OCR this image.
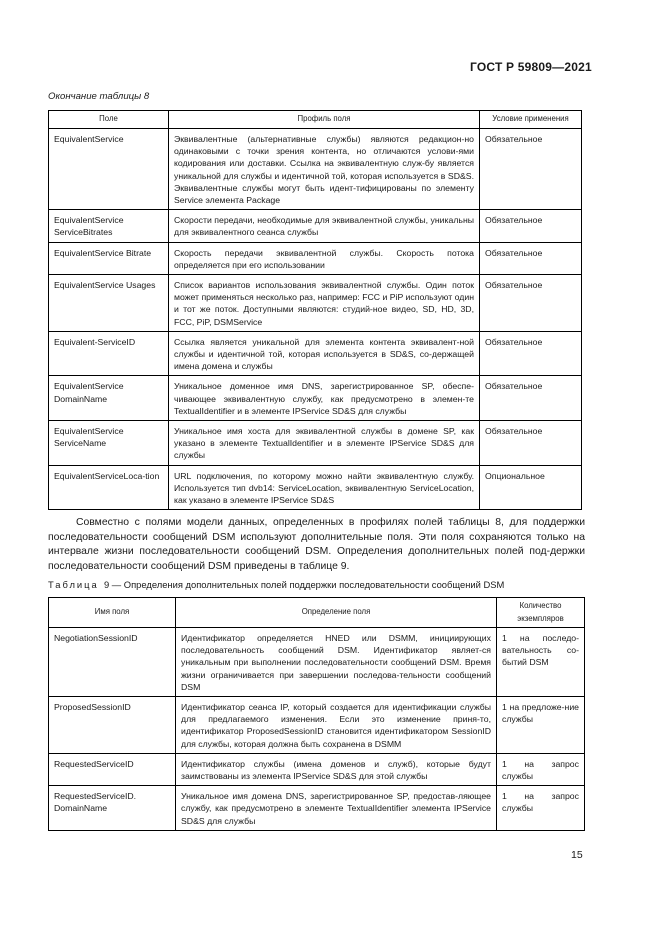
ГОСТ Р 59809—2021
Окончание таблицы 8
Поле	Профиль поля	Условие применения
EquivalentService	Эквивалентные (альтернативные службы) являются редакцион-но одинаковыми с точки зрения контента, но отличаются услови-ями кодирования или доставки. Ссылка на эквивалентную служ-бу является уникальной для службы и идентичной той, которая используется в SD&S. Эквивалентные службы могут быть идент-тифицированы по элементу Service элемента Package	Обязательное
EquivalentService ServiceBitrates	Скорости передачи, необходимые для эквивалентной службы, уникальны для эквивалентного сеанса службы	Обязательное
EquivalentService Bitrate	Скорость передачи эквивалентной службы. Скорость потока определяется при его использовании	Обязательное
EquivalentService Usages	Список вариантов использования эквивалентной службы. Один поток может применяться несколько раз, например: FCC и PiP используют один и тот же поток. Доступными являются: студий-ное видео, SD, HD, 3D, FCC, PiP, DSMService	Обязательное
Equivalent-ServiceID	Ссылка является уникальной для элемента контента эквивалент-ной службы и идентичной той, которая используется в SD&S, со-держащей имена домена и службы	Обязательное
EquivalentService DomainName	Уникальное доменное имя DNS, зарегистрированное SP, обеспе-чивающее эквивалентную службу, как предусмотрено в элемен-те TextualIdentifier и в элементе IPService SD&S для службы	Обязательное
EquivalentService ServiceName	Уникальное имя хоста для эквивалентной службы в домене SP, как указано в элементе TextualIdentifier и в элементе IPService SD&S для службы	Обязательное
EquivalentServiceLoca-tion	URL подключения, по которому можно найти эквивалентную службу. Используется тип dvb14: ServiceLocation, эквивалентную ServiceLocation, как указано в элементе IPService SD&S	Опциональное
Совместно с полями модели данных, определенных в профилях полей таблицы 8, для поддержки последовательности сообщений DSM используют дополнительные поля. Эти поля сохраняются только на интервале жизни последовательности сообщений DSM. Определения дополнительных полей под-держки последовательности сообщений DSM приведены в таблице 9.
Таблица 9 — Определения дополнительных полей поддержки последовательности сообщений DSM
Имя поля	Определение поля	Количество экземпляров
NegotiationSessionID	Идентификатор определяется HNED или DSMM, инициирующих последовательность сообщений DSM. Идентификатор являет-ся уникальным при выполнении последовательности сообщений DSM. Время жизни ограничивается при завершении последова-тельности сообщений DSM	1 на последо-вательность со-бытий DSM
ProposedSessionID	Идентификатор сеанса IP, который создается для идентификации службы для предлагаемого изменения. Если это изменение приня-то, идентификатор ProposedSessionID становится идентификатором SessionID для службы, которая должна быть сохранена в DSMM	1 на предложе-ние службы
RequestedServiceID	Идентификатор службы (имена доменов и служб), которые будут заимствованы из элемента IPService SD&S для этой службы	1 на запрос службы
RequestedServiceID. DomainName	Уникальное имя домена DNS, зарегистрированное SP, предостав-ляющее службу, как предусмотрено в элементе TextualIdentifier элемента IPService SD&S для службы	1 на запрос службы
15
